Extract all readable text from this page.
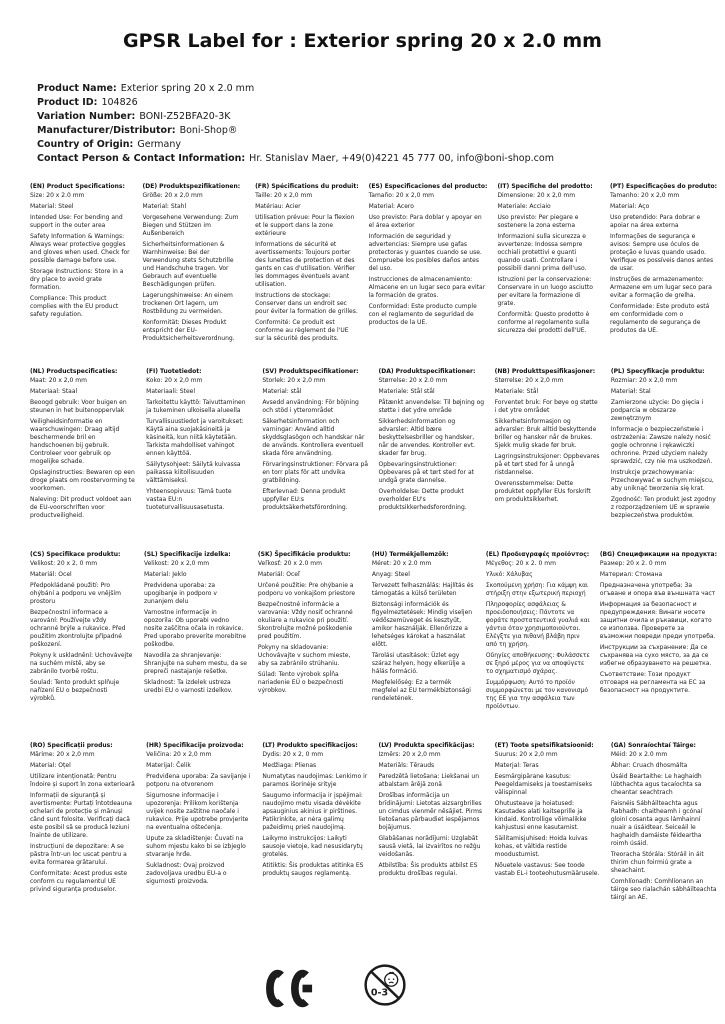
GPSR Label for : Exterior spring 20 x 2.0 mm
Product Name: Exterior spring 20 x 2.0 mm
Product ID: 104826
Variation Number: BONI-Z52BFA20-3K
Manufacturer/Distributor: Boni-Shop®
Country of Origin: Germany
Contact Person & Contact Information: Hr. Stanislav Maer, +49(0)4221 45 777 00, info@boni-shop.com
(EN) Product Specifications:

Size: 20 x 2.0 mm

Material: Steel

Intended Use: For bending and support in the outer area

Safety Information & Warnings: Always wear protective goggles and gloves when used. Check for possible damage before use.

Storage Instructions: Store in a dry place to avoid grate formation.

Compliance: This product complies with the EU product safety regulation.

(DE) Produktspezifikationen:

Größe: 20 x 2,0 mm

Material: Stahl

Vorgesehene Verwendung: Zum Biegen und Stützen im Außenbereich

Sicherheitsinformationen & Warnhinweise: Bei der Verwendung stets Schutzbrille und Handschuhe tragen. Vor Gebrauch auf eventuelle Beschädigungen prüfen.

Lagerungshinweise: An einem trockenen Ort lagern, um Rostbildung zu vermeiden.

Konformität: Dieses Produkt entspricht der EU-Produktsicherheitsverordnung.

(FR) Spécifications du produit:

Taille: 20 x 2,0 mm

Matériau: Acier

Utilisation prévue: Pour la flexion et le support dans la zone extérieure

Informations de sécurité et avertissements: Toujours porter des lunettes de protection et des gants en cas d'utilisation. Vérifier les dommages éventuels avant utilisation.

Instructions de stockage: Conserver dans un endroit sec pour éviter la formation de grilles.

Conformité: Ce produit est conforme au règlement de l'UE sur la sécurité des produits.

(ES) Especificaciones del producto:

Tamaño: 20 x 2,0 mm

Material: Acero

Uso previsto: Para doblar y apoyar en el área exterior

Información de seguridad y advertencias: Siempre use gafas protectoras y guantes cuando se use. Compruebe los posibles daños antes del uso.

Instrucciones de almacenamiento: Almacene en un lugar seco para evitar la formación de gratos.

Conformidad: Este producto cumple con el reglamento de seguridad de productos de la UE.

(IT) Specifiche del prodotto:

Dimensione: 20 x 2,0 mm

Materiale: Acciaio

Uso previsto: Per piegare e sostenere la zona esterna

Informazioni sulla sicurezza e avvertenze: Indossa sempre occhiali protettivi e guanti quando usati. Controllare i possibili danni prima dell'uso.

Istruzioni per la conservazione: Conservare in un luogo asciutto per evitare la formazione di grate.

Conformità: Questo prodotto è conforme al regolamento sulla sicurezza dei prodotti dell'UE.

(PT) Especificações do produto:

Tamanho: 20 x 2,0 mm

Material: Aço

Uso pretendido: Para dobrar e apoiar na área externa

Informações de segurança e avisos: Sempre use óculos de proteção e luvas quando usado. Verifique os possíveis danos antes de usar.

Instruções de armazenamento: Armazene em um lugar seco para evitar a formação de grelha.

Conformidade: Este produto está em conformidade com o regulamento de segurança de produtos da UE.

(NL) Productspecificaties:

Maat: 20 x 2,0 mm

Materiaal: Staal

Beoogd gebruik: Voor buigen en steunen in het buitenoppervlak

Veiligheidsinformatie en waarschuwingen: Draag altijd beschermende bril en handschoenen bij gebruik. Controleer voor gebruik op mogelijke schade.

Opslaginstructies: Bewaren op een droge plaats om roostervorming te voorkomen.

Naleving: Dit product voldoet aan de EU-voorschriften voor productveiligheid.

(FI) Tuotetiedot:

Koko: 20 x 2,0 mm

Materiaali: Steel

Tarkoitettu käyttö: Taivuttaminen ja tukeminen ulkoisella alueella

Turvallisuustiedot ja varoitukset: Käytä aina suojakäsineitä ja käsineitä, kun niitä käytetään. Tarkista mahdolliset vahingot ennen käyttöä.

Säilytysohjeet: Säilytä kuivassa paikassa kiitollisuuden välttämiseksi.

Yhteensopivuus: Tämä tuote vastaa EU:n tuoteturvallisuusasetusta.

(SV) Produktspecifikationer:

Storlek: 20 x 2,0 mm

Material: stål

Avsedd användning: För böjning och stöd i ytterområdet

Säkerhetsinformation och varningar: Använd alltid skyddsglasögon och handskar när de används. Kontrollera eventuell skada före användning.

Förvaringsinstruktioner: Förvara på en torr plats för att undvika gratbildning.

Efterlevnad: Denna produkt uppfyller EU:s produktsäkerhetsförordning.

(DA) Produktspecifikationer:

Størrelse: 20 x 2.0 mm

Materiale: Stål stål

Påtænkt anvendelse: Til bøjning og støtte i det ydre område

Sikkerhedsinformation og advarsler: Altid bære beskyttelsesbriller og handsker, når de anvendes. Kontroller evt. skader før brug.

Opbevaringsinstruktioner: Opbevares på et tørt sted for at undgå grate dannelse.

Overholdelse: Dette produkt overholder EU's produktsikkerhedsforordning.

(NB) Produkttspesifikasjoner:

Størrelse: 20 x 2,0 mm

Materiale: Stål

Forventet bruk: For bøye og støtte i det ytre området

Sikkerhetsinformasjon og advarsler: Bruk alltid beskyttende briller og hansker når de brukes. Sjekk mulig skade før bruk.

Lagringsinstruksjoner: Oppbevares på et tørt sted for å unngå ristdannelse.

Overensstemmelse: Dette produktet oppfyller EUs forskrift om produktsikkerhet.

(PL) Specyfikacje produktu:

Rozmiar: 20 x 2,0 mm

Materiał: Stal

Zamierzone użycie: Do gięcia i podparcia w obszarze zewnętrznym

Informacje o bezpieczeństwie i ostrzeżenia: Zawsze należy nosić gogle ochronne i rękawiczki ochronne. Przed użyciem należy sprawdzić, czy nie ma uszkodzeń.

Instrukcje przechowywania: Przechowywać w suchym miejscu, aby uniknąć tworzenia się krat.

Zgodność: Ten produkt jest zgodny z rozporządzeniem UE w sprawie bezpieczeństwa produktów.

(CS) Specifikace produktu:

Velikost: 20 x 2, 0 mm

Materiál: Ocel

Předpokládané použití: Pro ohýbání a podporu ve vnějším prostoru

Bezpečnostní informace a varování: Používejte vždy ochranné brýle a rukavice. Před použitím zkontrolujte případné poškození.

Pokyny k uskladnění: Uchovávejte na suchém místě, aby se zabránilo tvorbě roštu.

Soulad: Tento produkt splňuje nařízení EU o bezpečnosti výrobků.

(SL) Specifikacije izdelka:

Velikost: 20 x 2,0 mm

Material: Jeklo

Predvidena uporaba: za upogibanje in podporo v zunanjem delu

Varnostne informacije in opozorila: Ob uporabi vedno nosite zaščitna očala in rokavice. Pred uporabo preverite morebitne poškodbe.

Navodila za shranjevanje: Shranjujte na suhem mestu, da se prepreči nastajanje rešetke.

Skladnost: Ta izdelek ustreza uredbi EU o varnosti izdelkov.

(SK) Špecifikácie produktu:

Veľkosť: 20 x 2.0 mm

Materiál: Oceľ

Určené použitie: Pre ohýbanie a podporu vo vonkajšom priestore

Bezpečnostné informácie a varovania: Vždy nosiť ochranné okuliare a rukavice pri použití. Skontrolujte možné poškodenie pred použitím.

Pokyny na skladovanie: Uchovávajte v suchom mieste, aby sa zabránilo strúhaniu.

Súlad: Tento výrobok spĺňa nariadenie EÚ o bezpečnosti výrobkov.

(HU) Termékjellemzők:

Méret: 20 x 2.0 mm

Anyag: Steel

Tervezett felhasználás: Hajlítás és támogatás a külső területen

Biztonsági információk és figyelmeztetések: Mindig viseljen védőszemüveget és kesztyűt, amikor használják. Ellenőrizze a lehetséges károkat a használat előtt.

Tárolási utasítások: Üzlet egy száraz helyen, hogy elkerülje a hálás formáció.

Megfelelőség: Ez a termék megfelel az EU termékbiztonsági rendeletének.

(EL) Προδιαγραφές προϊόντος:

Μέγεθος: 20 x 2. 0 mm

Υλικό: Χάλυβας

Σκοπούμενη χρήση: Για κάμψη και στήριξη στην εξωτερική περιοχή

Πληροφορίες ασφάλειας & προειδοποιήσεις: Πάντοτε να φοράτε προστατευτικά γυαλιά και γάντια όταν χρησιμοποιούνται. Ελέγξτε για πιθανή βλάβη πριν από τη χρήση.

Οδηγίες αποθήκευσης: Φυλάσσετε σε ξηρό μέρος για να αποφύγετε το σχηματισμό σχάρας.

Συμμόρφωση: Αυτό το προϊόν συμμορφώνεται με τον κανονισμό της ΕΕ για την ασφάλεια των προϊόντων.

(BG) Спецификации на продукта:

Размер: 20 x 2. 0 mm

Материал: Стомана

Предназначена употреба: За огъване и опора във външната част

Информация за безопасност и предупреждения: Винаги носете защитни очила и ръкавици, когато се използва. Проверете за възможни повреди преди употреба.

Инструкции за съхранение: Да се съхранява на сухо място, за да се избегне образуването на решетка.

Съответствие: Този продукт отговаря на регламента на ЕС за безопасност на продуктите.

(RO) Specificații produs:

Mărime: 20 x 2,0 mm

Material: Oțel

Utilizare intenționată: Pentru îndoire și suport în zona exterioară

Informații de siguranță și avertismente: Purtați întotdeauna ochelari de protecție și mănuși când sunt folosite. Verificați dacă este posibil să se producă leziuni înainte de utilizare.

Instrucțiuni de depozitare: A se păstra într-un loc uscat pentru a evita formarea grătarului.

Conformitate: Acest produs este conform cu regulamentul UE privind siguranța produselor.

(HR) Specifikacije proizvoda:

Veličina: 20 x 2,0 mm

Materijal: Čelik

Predviđena uporaba: Za savijanje i potporu na otvorenom

Sigurnosne informacije i upozorenja: Prilikom korištenja uvijek nosite zaštitne naočale i rukavice. Prije upotrebe provjerite na eventualna oštećenja.

Upute za skladištenje: Čuvati na suhom mjestu kako bi se izbjeglo stvaranje hrđe.

Sukladnost: Ovaj proizvod zadovoljava uredbu EU-a o sigurnosti proizvoda.

(LT) Produkto specifikacijos:

Dydis: 20 x 2, 0 mm

Medžiaga: Plienas

Numatytas naudojimas: Lenkimo ir paramos išorinėje srityje

Saugumo informacija ir įspėjimai: naudojimo metu visada dėvėkite apsauginius akinius ir pirštines. Patikrinkite, ar nėra galimų pažeidimų prieš naudojimą.

Laikymo instrukcijos: Laikyti sausoje vietoje, kad nesusidarytų grotelės.

Atitiktis: Šis produktas atitinka ES produktų saugos reglamentą.

(LV) Produkta specifikācijas:

Izmērs: 20 x 2,0 mm

Materiāls: Tērauds

Paredzētā lietošana: Liekšanai un atbalstam ārējā zonā

Drošības informācija un brīdinājumi: Lietotas aizsargbrilles un cimdus vienmēr nēsājiet. Pirms lietošanas pārbaudiet iespējamos bojājumus.

Glabāšanas norādījumi: Uzglabāt sausā vietā, lai izvairītos no režģu veidošanās.

Atbilstība: Šis produkts atbilst ES produktu drošības regulai.

(ET) Toote spetsifikatsioonid:

Suurus: 20 x 2,0 mm

Materjal: Teras

Eesmärgipärane kasutus: Peegeldamiseks ja toestamiseks välispinnal

Ohutusteave ja hoiatused: Kasutades alati kaitseprille ja kindaid. Kontrollige võimalikke kahjustusi enne kasutamist.

Säilitamisjuhised: Hoida kuivas kohas, et vältida restide moodustumist.

Nõuetele vastavus: See toode vastab EL-i tooteohutusmäärusele.

(GA) Sonraíochtaí Táirge:

Méid: 20 x 2.0 mm

Ábhar: Cruach dhosmálta

Úsáid Beartaithe: Le haghaidh lúbthachta agus tacaíochta sa cheantar seachtrach

Faisnéis Sábháilteachta agus Rabhadh: chaitheamh i gcónaí gloiní cosanta agus lámhainní nuair a úsáidtear. Seiceáil le haghaidh damáiste féideartha roimh úsáid.

Treoracha Stórála: Stóráil in áit thirim chun foirmiú grate a sheachaint.

Comhlíonadh: Comhlíonann an táirge seo rialachán sábháilteachta táirgí an AE.

0-3
